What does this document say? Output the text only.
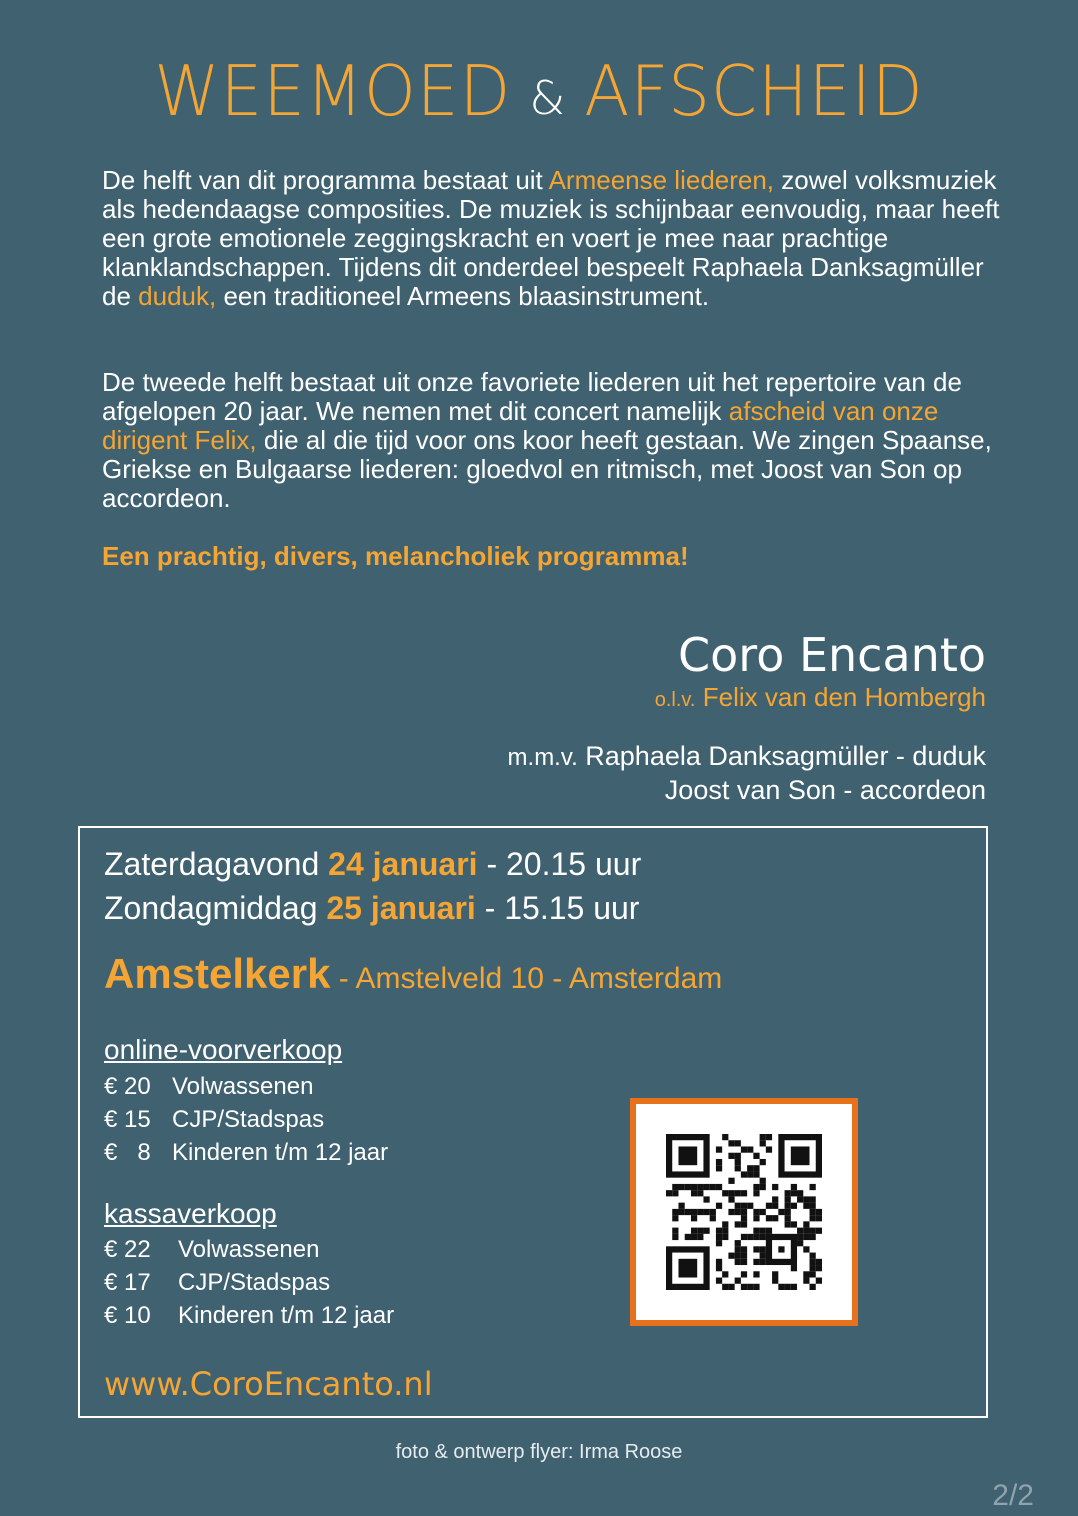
WEEMOED & AFSCHEID

De helft van dit programma bestaat uit Armeense liederen, zowel volksmuziek als hedendaagse composities. De muziek is schijnbaar eenvoudig, maar heeft een grote emotionele zeggingskracht en voert je mee naar prachtige klanklandschappen. Tijdens dit onderdeel bespeelt Raphaela Danksagmüller de duduk, een traditioneel Armeens blaasinstrument.

De tweede helft bestaat uit onze favoriete liederen uit het repertoire van de afgelopen 20 jaar. We nemen met dit concert namelijk afscheid van onze dirigent Felix, die al die tijd voor ons koor heeft gestaan. We zingen Spaanse, Griekse en Bulgaarse liederen: gloedvol en ritmisch, met Joost van Son op accordeon.

Een prachtig, divers, melancholiek programma!

Coro Encanto
o.l.v. Felix van den Hombergh
m.m.v. Raphaela Danksagmüller - duduk
Joost van Son - accordeon
Zaterdagavond 24 januari - 20.15 uur
Zondagmiddag 25 januari - 15.15 uur
Amstelkerk - Amstelveld 10 - Amsterdam
online-voorverkoop
€ 20 Volwassenen
€ 15 CJP/Stadspas
€   8 Kinderen t/m 12 jaar
kassaverkoop
€ 22	Volwassenen
€ 17	CJP/Stadspas
€ 10	Kinderen t/m 12 jaar
www.CoroEncanto.nl
foto & ontwerp flyer: Irma Roose
2/2
